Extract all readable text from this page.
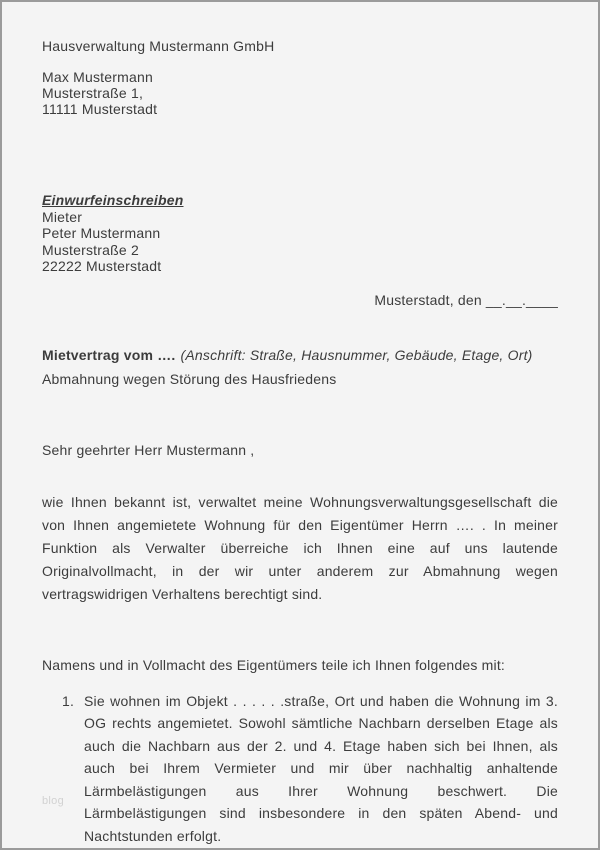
Hausverwaltung Mustermann GmbH
Max Mustermann
Musterstraße 1,
11111 Musterstadt
Einwurfeinschreiben
Mieter
Peter Mustermann
Musterstraße 2
22222 Musterstadt
Musterstadt, den __.__.____
Mietvertrag vom …. (Anschrift: Straße, Hausnummer, Gebäude, Etage, Ort)
Abmahnung wegen Störung des Hausfriedens
Sehr geehrter Herr Mustermann ,
wie Ihnen bekannt ist, verwaltet meine Wohnungsverwaltungsgesellschaft die von Ihnen angemietete Wohnung für den Eigentümer Herrn …. . In meiner Funktion als Verwalter überreiche ich Ihnen eine auf uns lautende Originalvollmacht, in der wir unter anderem zur Abmahnung wegen vertragswidrigen Verhaltens berechtigt sind.
Namens und in Vollmacht des Eigentümers teile ich Ihnen folgendes mit:
1. Sie wohnen im Objekt . . . . . .straße, Ort und haben die Wohnung im 3. OG rechts angemietet. Sowohl sämtliche Nachbarn derselben Etage als auch die Nachbarn aus der 2. und 4. Etage haben sich bei Ihnen, als auch bei Ihrem Vermieter und mir über nachhaltig anhaltende Lärmbelästigungen aus Ihrer Wohnung beschwert. Die Lärmbelästigungen sind insbesondere in den späten Abend- und Nachtstunden erfolgt.
blog
